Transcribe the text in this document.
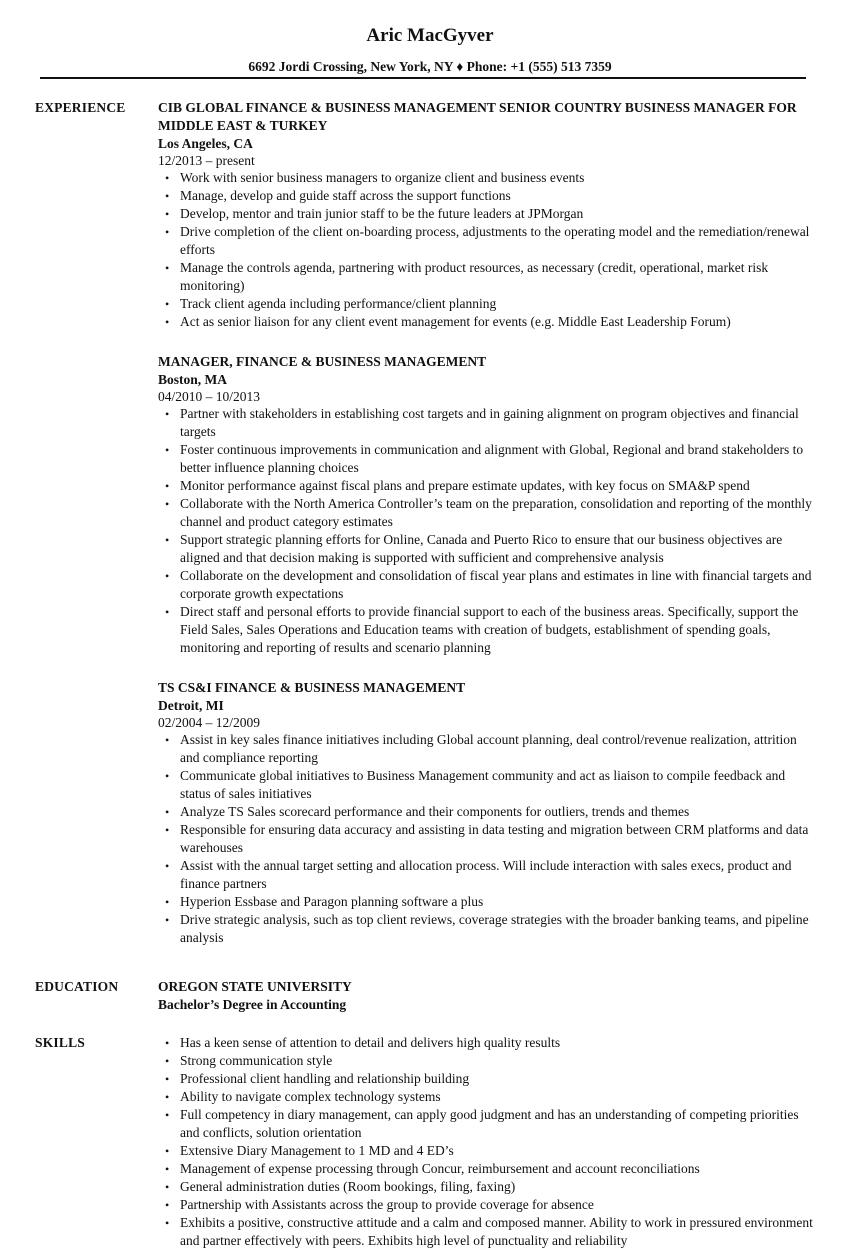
Aric MacGyver
6692 Jordi Crossing, New York, NY ♦ Phone: +1 (555) 513 7359
EXPERIENCE CIB GLOBAL FINANCE & BUSINESS MANAGEMENT SENIOR COUNTRY BUSINESS MANAGER FOR MIDDLE EAST & TURKEY
Los Angeles, CA
12/2013 – present
• Work with senior business managers to organize client and business events
• Manage, develop and guide staff across the support functions
• Develop, mentor and train junior staff to be the future leaders at JPMorgan
• Drive completion of the client on-boarding process, adjustments to the operating model and the remediation/renewal efforts
• Manage the controls agenda, partnering with product resources, as necessary (credit, operational, market risk monitoring)
• Track client agenda including performance/client planning
• Act as senior liaison for any client event management for events (e.g. Middle East Leadership Forum)
MANAGER, FINANCE & BUSINESS MANAGEMENT
Boston, MA
04/2010 – 10/2013
• Partner with stakeholders in establishing cost targets and in gaining alignment on program objectives and financial targets
• Foster continuous improvements in communication and alignment with Global, Regional and brand stakeholders to better influence planning choices
• Monitor performance against fiscal plans and prepare estimate updates, with key focus on SMA&P spend
• Collaborate with the North America Controller’s team on the preparation, consolidation and reporting of the monthly channel and product category estimates
• Support strategic planning efforts for Online, Canada and Puerto Rico to ensure that our business objectives are aligned and that decision making is supported with sufficient and comprehensive analysis
• Collaborate on the development and consolidation of fiscal year plans and estimates in line with financial targets and corporate growth expectations
• Direct staff and personal efforts to provide financial support to each of the business areas. Specifically, support the Field Sales, Sales Operations and Education teams with creation of budgets, establishment of spending goals, monitoring and reporting of results and scenario planning
TS CS&I FINANCE & BUSINESS MANAGEMENT
Detroit, MI
02/2004 – 12/2009
• Assist in key sales finance initiatives including Global account planning, deal control/revenue realization, attrition and compliance reporting
• Communicate global initiatives to Business Management community and act as liaison to compile feedback and status of sales initiatives
• Analyze TS Sales scorecard performance and their components for outliers, trends and themes
• Responsible for ensuring data accuracy and assisting in data testing and migration between CRM platforms and data warehouses
• Assist with the annual target setting and allocation process. Will include interaction with sales execs, product and finance partners
• Hyperion Essbase and Paragon planning software a plus
• Drive strategic analysis, such as top client reviews, coverage strategies with the broader banking teams, and pipeline analysis
EDUCATION	OREGON STATE UNIVERSITY
Bachelor’s Degree in Accounting
SKILLS
•	Has a keen sense of attention to detail and delivers high quality results
• Strong communication style
• Professional client handling and relationship building
• Ability to navigate complex technology systems
• Full competency in diary management, can apply good judgment and has an understanding of competing priorities and conflicts, solution orientation
• Extensive Diary Management to 1 MD and 4 ED’s
• Management of expense processing through Concur, reimbursement and account reconciliations
• General administration duties (Room bookings, filing, faxing)
• Partnership with Assistants across the group to provide coverage for absence
• Exhibits a positive, constructive attitude and a calm and composed manner. Ability to work in pressured environment and partner effectively with peers. Exhibits high level of punctuality and reliability
